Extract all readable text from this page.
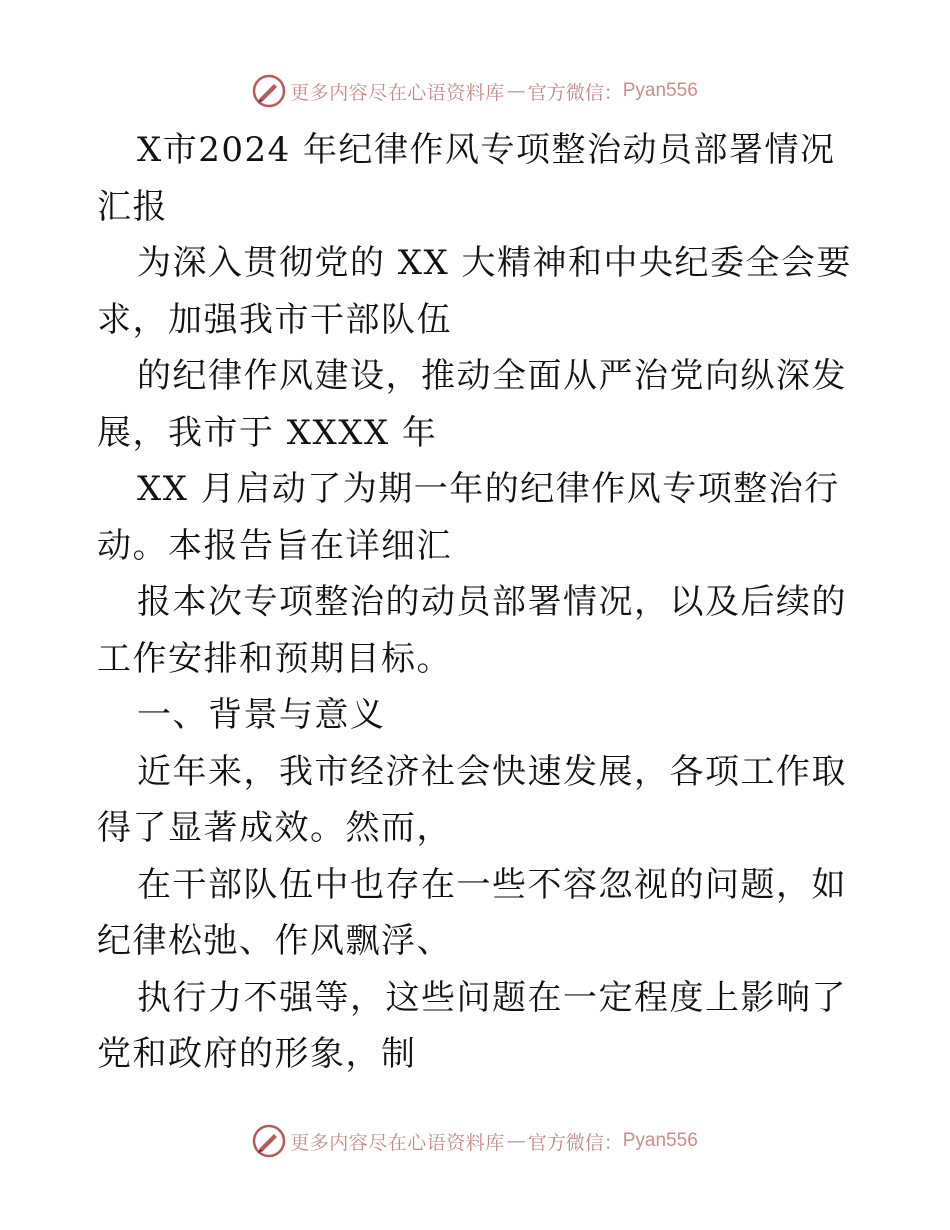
更多内容尽在心语资料库 — 官方微信： Pyan556

X市2024 年纪律作风专项整治动员部署情况汇报

为深入贯彻党的 XX 大精神和中央纪委全会要求，加强我市干部队伍

的纪律作风建设，推动全面从严治党向纵深发展，我市于 XXXX 年

XX 月启动了为期一年的纪律作风专项整治行动。本报告旨在详细汇

报本次专项整治的动员部署情况，以及后续的工作安排和预期目标。

一、背景与意义

近年来，我市经济社会快速发展，各项工作取得了显著成效。然而，

在干部队伍中也存在一些不容忽视的问题，如纪律松弛、作风飘浮、

执行力不强等，这些问题在一定程度上影响了党和政府的形象，制

更多内容尽在心语资料库 — 官方微信： Pyan556
